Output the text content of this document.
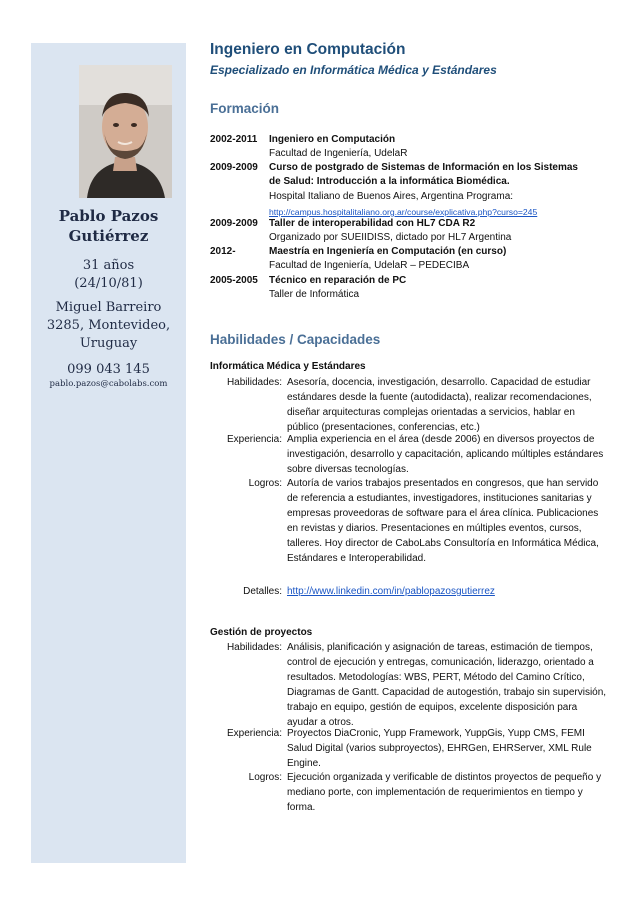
Pablo Pazos
Gutiérrez
31 años
(24/10/81)
Miguel Barreiro
3285, Montevideo,
Uruguay
099 043 145
pablo.pazos@cabolabs.com
Ingeniero en Computación
Especializado en Informática Médica y Estándares
Formación
2002-2011 Ingeniero en Computación
Facultad de Ingeniería, UdelaR
2009-2009 Curso de postgrado de Sistemas de Información en los Sistemas
de Salud: Introducción a la informática Biomédica.
Hospital Italiano de Buenos Aires, Argentina Programa:
http://campus.hospitalitaliano.org.ar/course/explicativa.php?curso=245
2009-2009 Taller de interoperabilidad con HL7 CDA R2
Organizado por SUEIIDISS, dictado por HL7 Argentina
2012-	Maestría en Ingeniería en Computación (en curso)
Facultad de Ingeniería, UdelaR – PEDECIBA
2005-2005 Técnico en reparación de PC
Taller de Informática
Habilidades / Capacidades
Informática Médica y Estándares
Habilidades: Asesoría, docencia, investigación, desarrollo. Capacidad de estudiar estándares desde la fuente (autodidacta), realizar recomendaciones, diseñar arquitecturas complejas orientadas a servicios, hablar en público (presentaciones, conferencias, etc.)
Experiencia: Amplia experiencia en el área (desde 2006) en diversos proyectos de investigación, desarrollo y capacitación, aplicando múltiples estándares sobre diversas tecnologías.
Logros: Autoría de varios trabajos presentados en congresos, que han servido de referencia a estudiantes, investigadores, instituciones sanitarias y empresas proveedoras de software para el área clínica. Publicaciones en revistas y diarios. Presentaciones en múltiples eventos, cursos, talleres. Hoy director de CaboLabs Consultoría en Informática Médica, Estándares e Interoperabilidad.
Detalles: http://www.linkedin.com/in/pablopazosgutierrez
Gestión de proyectos
Habilidades: Análisis, planificación y asignación de tareas, estimación de tiempos, control de ejecución y entregas, comunicación, liderazgo, orientado a resultados. Metodologías: WBS, PERT, Método del Camino Crítico, Diagramas de Gantt. Capacidad de autogestión, trabajo sin supervisión, trabajo en equipo, gestión de equipos, excelente disposición para ayudar a otros.
Experiencia: Proyectos DiaCronic, Yupp Framework, YuppGis, Yupp CMS, FEMI Salud Digital (varios subproyectos), EHRGen, EHRServer, XML Rule Engine.
Logros: Ejecución organizada y verificable de distintos proyectos de pequeño y mediano porte, con implementación de requerimientos en tiempo y forma.
